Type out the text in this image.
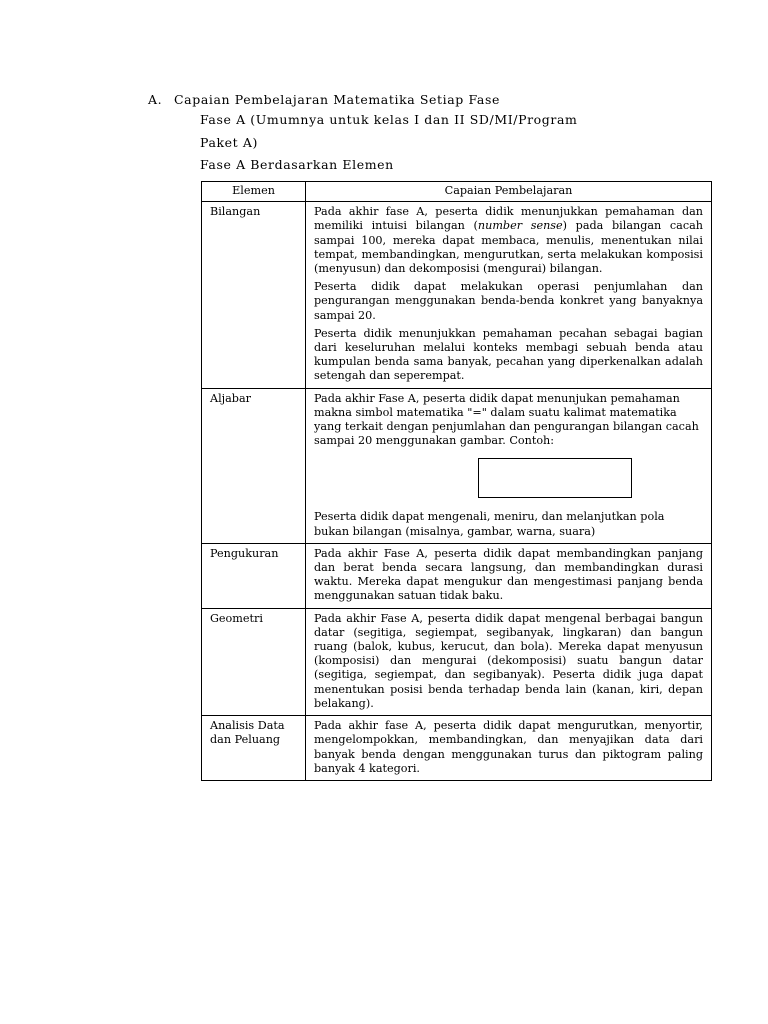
A. Capaian Pembelajaran Matematika Setiap Fase
Fase A (Umumnya untuk kelas I dan II SD/MI/Program
Paket A)
Fase A Berdasarkan Elemen
Elemen	Capaian Pembelajaran
Bilangan	Pada akhir fase A, peserta didik menunjukkan pemahaman dan memiliki intuisi bilangan (number sense) pada bilangan cacah sampai 100, mereka dapat membaca, menulis, menentukan nilai tempat, membandingkan, mengurutkan, serta melakukan komposisi (menyusun) dan dekomposisi (mengurai) bilangan.

Peserta didik dapat melakukan operasi penjumlahan dan pengurangan menggunakan benda-benda konkret yang banyaknya sampai 20.

Peserta didik menunjukkan pemahaman pecahan sebagai bagian dari keseluruhan melalui konteks membagi sebuah benda atau kumpulan benda sama banyak, pecahan yang diperkenalkan adalah setengah dan seperempat.

Aljabar	Pada akhir Fase A, peserta didik dapat menunjukan pemahaman makna simbol matematika "=" dalam suatu kalimat matematika yang terkait dengan penjumlahan dan pengurangan bilangan cacah sampai 20 menggunakan gambar. Contoh:

Peserta didik dapat mengenali, meniru, dan melanjutkan pola bukan bilangan (misalnya, gambar, warna, suara)

Pengukuran	Pada akhir Fase A, peserta didik dapat membandingkan panjang dan berat benda secara langsung, dan membandingkan durasi waktu. Mereka dapat mengukur dan mengestimasi panjang benda menggunakan satuan tidak baku.

Geometri	Pada akhir Fase A, peserta didik dapat mengenal berbagai bangun datar (segitiga, segiempat, segibanyak, lingkaran) dan bangun ruang (balok, kubus, kerucut, dan bola). Mereka dapat menyusun (komposisi) dan mengurai (dekomposisi) suatu bangun datar (segitiga, segiempat, dan segibanyak). Peserta didik juga dapat menentukan posisi benda terhadap benda lain (kanan, kiri, depan belakang).

Analisis Data dan Peluang	Pada akhir fase A, peserta didik dapat mengurutkan, menyortir, mengelompokkan, membandingkan, dan menyajikan data dari banyak benda dengan menggunakan turus dan piktogram paling banyak 4 kategori.
